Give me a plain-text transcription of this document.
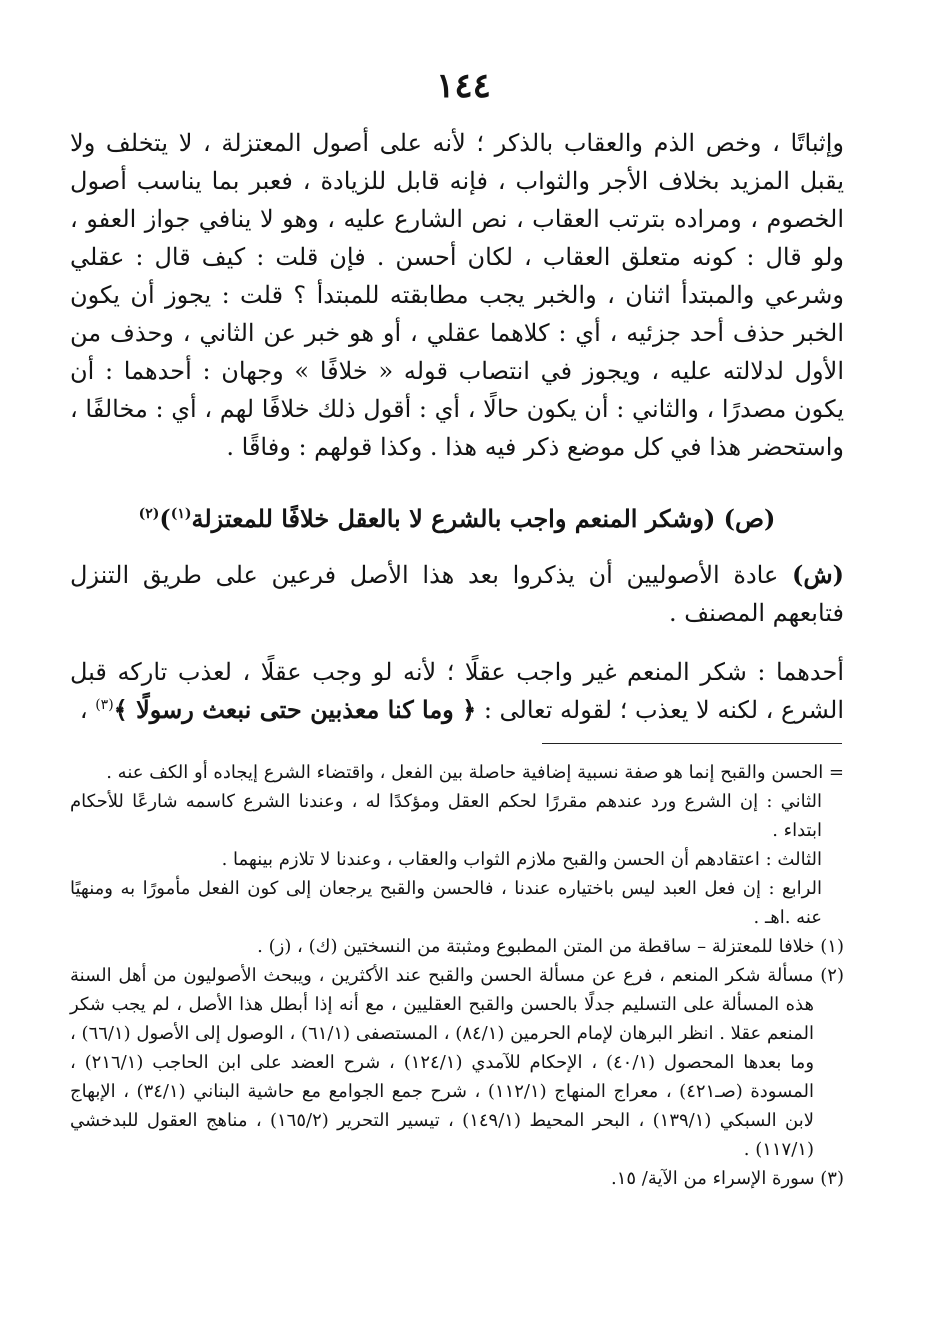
١٤٤

وإثباتًا ، وخص الذم والعقاب بالذكر ؛ لأنه على أصول المعتزلة ، لا يتخلف ولا يقبل المزيد بخلاف الأجر والثواب ، فإنه قابل للزيادة ، فعبر بما يناسب أصول الخصوم ، ومراده بترتب العقاب ، نص الشارع عليه ، وهو لا ينافي جواز العفو ، ولو قال : كونه متعلق العقاب ، لكان أحسن . فإن قلت : كيف قال : عقلي وشرعي والمبتدأ اثنان ، والخبر يجب مطابقته للمبتدأ ؟ قلت : يجوز أن يكون الخبر حذف أحد جزئيه ، أي : كلاهما عقلي ، أو هو خبر عن الثاني ، وحذف من الأول لدلالته عليه ، ويجوز في انتصاب قوله « خلافًا » وجهان : أحدهما : أن يكون مصدرًا ، والثاني : أن يكون حالًا ، أي : أقول ذلك خلافًا لهم ، أي : مخالفًا ، واستحضر هذا في كل موضع ذكر فيه هذا . وكذا قولهم : وفاقًا .

(ص) (وشكر المنعم واجب بالشرع لا بالعقل خلافًا للمعتزلة$^{(١)}$)$^{(٢)}$

(ش) عادة الأصوليين أن يذكروا بعد هذا الأصل فرعين على طريق التنزل فتابعهم المصنف .

أحدهما : شكر المنعم غير واجب عقلًا ؛ لأنه لو وجب عقلًا ، لعذب تاركه قبل الشرع ، لكنه لا يعذب ؛ لقوله تعالى : ﴿ وما كنا معذبين حتى نبعث رسولًا ﴾$^{(٣)}$ ،

= الحسن والقبح إنما هو صفة نسبية إضافية حاصلة بين الفعل ، واقتضاء الشرع إيجاده أو الكف عنه .

الثاني : إن الشرع ورد عندهم مقررًا لحكم العقل ومؤكدًا له ، وعندنا الشرع كاسمه شارعًا للأحكام ابتداء .

الثالث : اعتقادهم أن الحسن والقبح ملازم الثواب والعقاب ، وعندنا لا تلازم بينهما .

الرابع : إن فعل العبد ليس باختياره عندنا ، فالحسن والقبح يرجعان إلى كون الفعل مأمورًا به ومنهيًا عنه .اهـ .

(١) خلافا للمعتزلة – ساقطة من المتن المطبوع ومثبتة من النسختين (ك) ، (ز) .

(٢) مسألة شكر المنعم ، فرع عن مسألة الحسن والقبح عند الأكثرين ، ويبحث الأصوليون من أهل السنة هذه المسألة على التسليم جدلًا بالحسن والقبح العقليين ، مع أنه إذا أبطل هذا الأصل ، لم يجب شكر المنعم عقلا . انظر البرهان لإمام الحرمين (٨٤/١) ، المستصفى (٦١/١) ، الوصول إلى الأصول (٦٦/١) ، وما بعدها المحصول (٤٠/١) ، الإحكام للآمدي (١٢٤/١) ، شرح العضد على ابن الحاجب (٢١٦/١) ، المسودة (صـ٤٢١) ، معراج المنهاج (١١٢/١) ، شرح جمع الجوامع مع حاشية البناني (٣٤/١) ، الإبهاج لابن السبكي (١٣٩/١) ، البحر المحيط (١٤٩/١) ، تيسير التحرير (١٦٥/٢) ، مناهج العقول للبدخشي (١١٧/١) .

(٣) سورة الإسراء من الآية/ ١٥.
